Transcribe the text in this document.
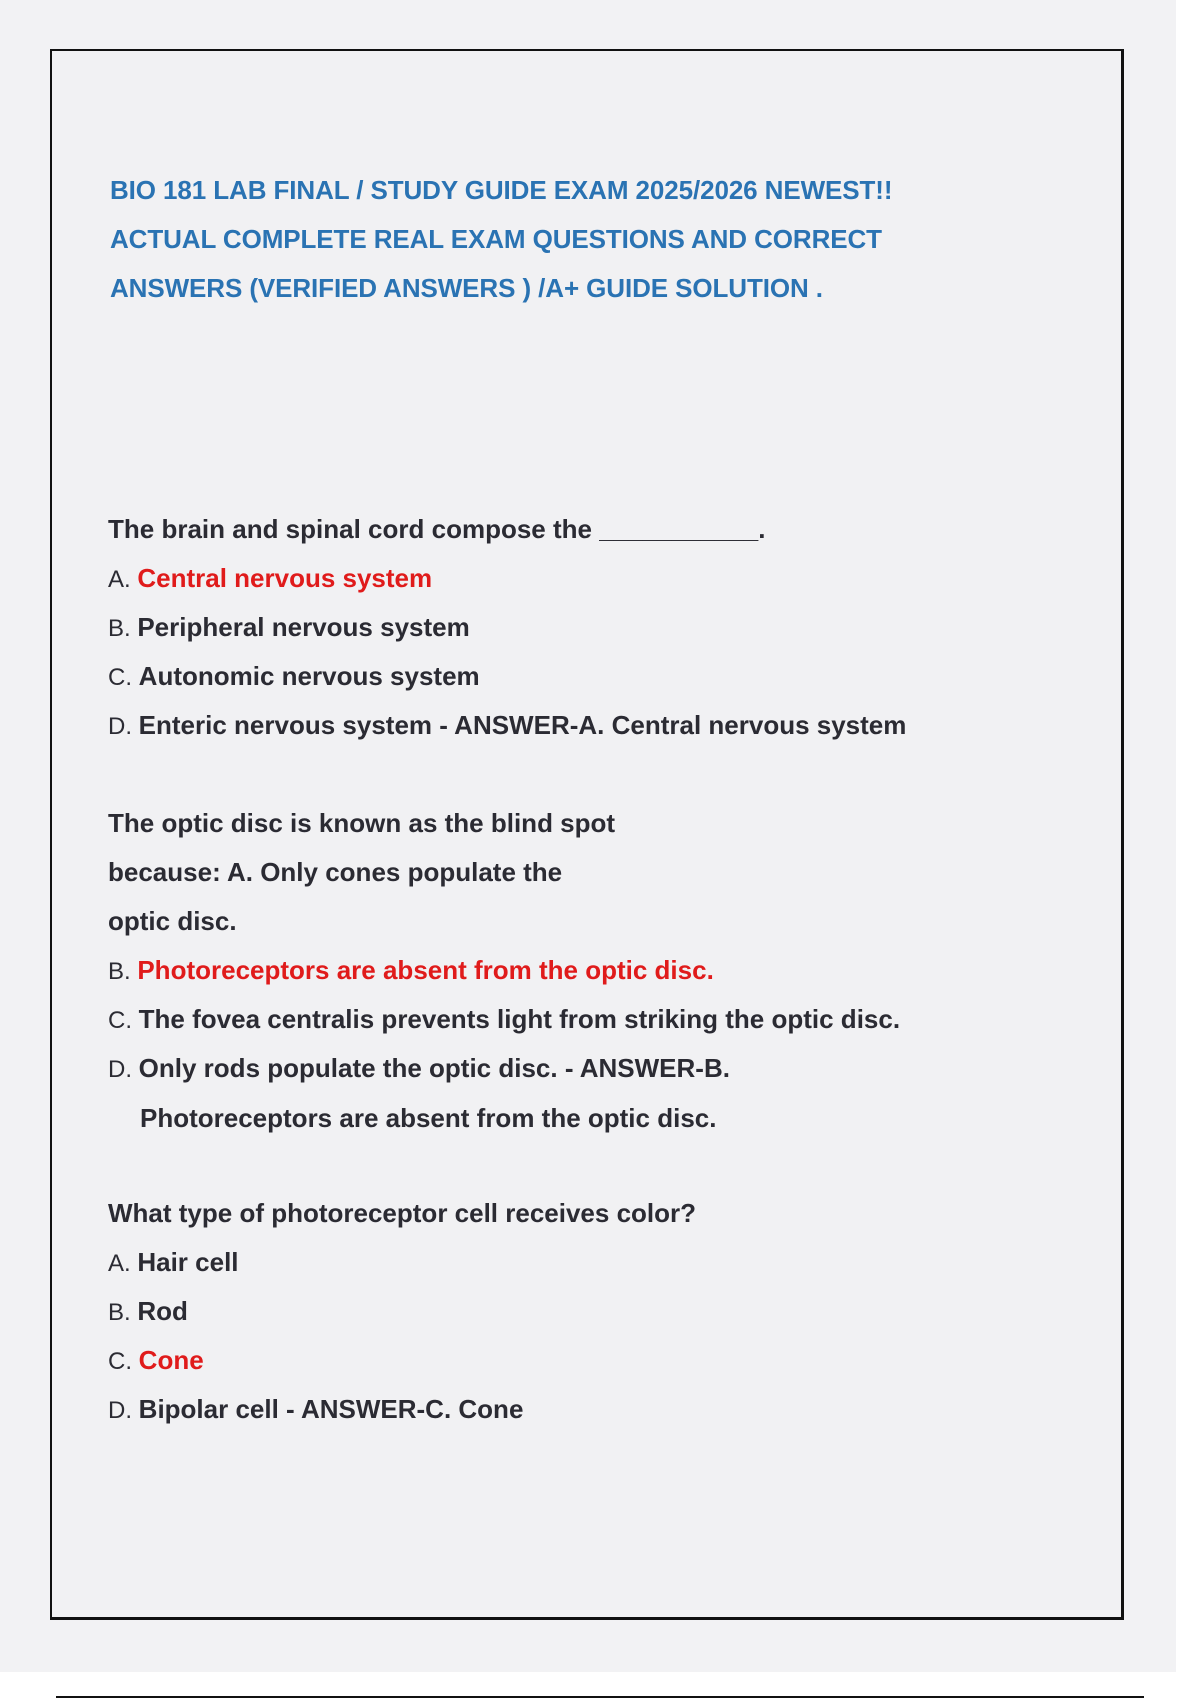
BIO 181 LAB FINAL / STUDY GUIDE EXAM 2025/2026 NEWEST!!
ACTUAL COMPLETE REAL EXAM QUESTIONS AND CORRECT
ANSWERS (VERIFIED ANSWERS ) /A+ GUIDE SOLUTION .
The brain and spinal cord compose the ___________.
A. Central nervous system
B. Peripheral nervous system
C. Autonomic nervous system
D. Enteric nervous system - ANSWER-A. Central nervous system
The optic disc is known as the blind spot
because: A. Only cones populate the
optic disc.
B. Photoreceptors are absent from the optic disc.
C. The fovea centralis prevents light from striking the optic disc.
D. Only rods populate the optic disc. - ANSWER-B.
Photoreceptors are absent from the optic disc.
What type of photoreceptor cell receives color?
A. Hair cell
B. Rod
C. Cone
D. Bipolar cell - ANSWER-C. Cone
